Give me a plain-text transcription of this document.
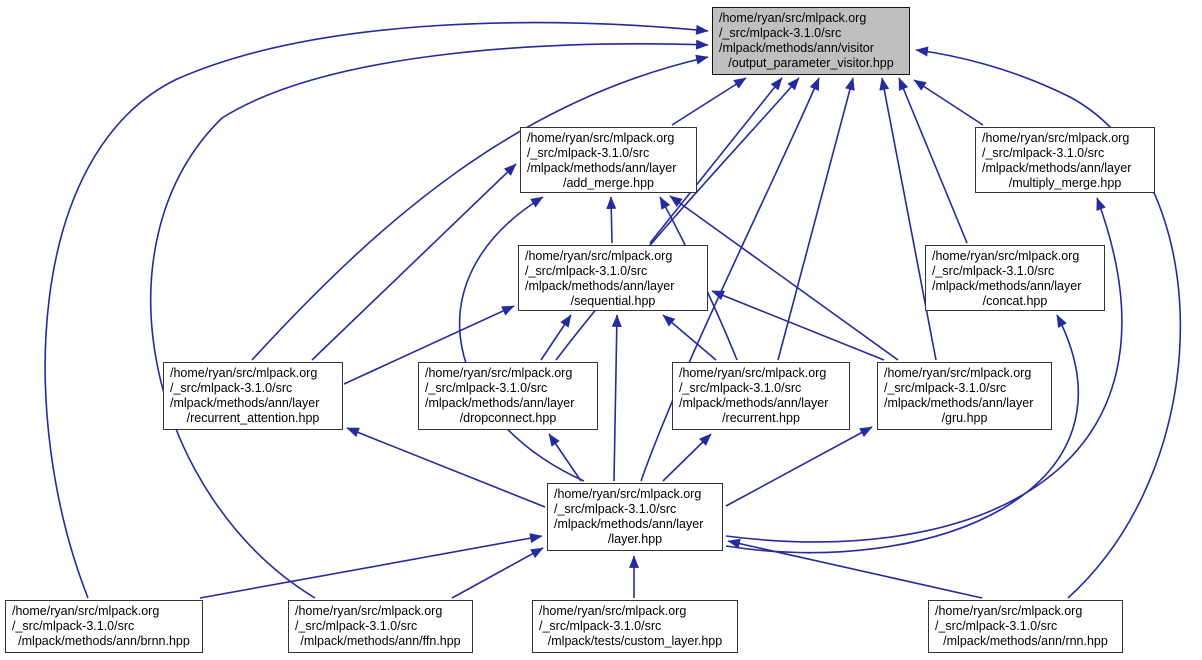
/home/ryan/src/mlpack.org
/_src/mlpack-3.1.0/src
/mlpack/methods/ann/visitor
/output_parameter_visitor.hpp
/home/ryan/src/mlpack.org
/_src/mlpack-3.1.0/src
/mlpack/methods/ann/layer
/add_merge.hpp
/home/ryan/src/mlpack.org
/_src/mlpack-3.1.0/src
/mlpack/methods/ann/layer
/multiply_merge.hpp
/home/ryan/src/mlpack.org
/_src/mlpack-3.1.0/src
/mlpack/methods/ann/layer
/sequential.hpp
/home/ryan/src/mlpack.org
/_src/mlpack-3.1.0/src
/mlpack/methods/ann/layer
/concat.hpp
/home/ryan/src/mlpack.org
/_src/mlpack-3.1.0/src
/mlpack/methods/ann/layer
/recurrent_attention.hpp
/home/ryan/src/mlpack.org
/_src/mlpack-3.1.0/src
/mlpack/methods/ann/layer
/dropconnect.hpp
/home/ryan/src/mlpack.org
/_src/mlpack-3.1.0/src
/mlpack/methods/ann/layer
/recurrent.hpp
/home/ryan/src/mlpack.org
/_src/mlpack-3.1.0/src
/mlpack/methods/ann/layer
/gru.hpp
/home/ryan/src/mlpack.org
/_src/mlpack-3.1.0/src
/mlpack/methods/ann/layer
/layer.hpp
/home/ryan/src/mlpack.org
/_src/mlpack-3.1.0/src
/mlpack/methods/ann/brnn.hpp
/home/ryan/src/mlpack.org
/_src/mlpack-3.1.0/src
/mlpack/methods/ann/ffn.hpp
/home/ryan/src/mlpack.org
/_src/mlpack-3.1.0/src
/mlpack/tests/custom_layer.hpp
/home/ryan/src/mlpack.org
/_src/mlpack-3.1.0/src
/mlpack/methods/ann/rnn.hpp
